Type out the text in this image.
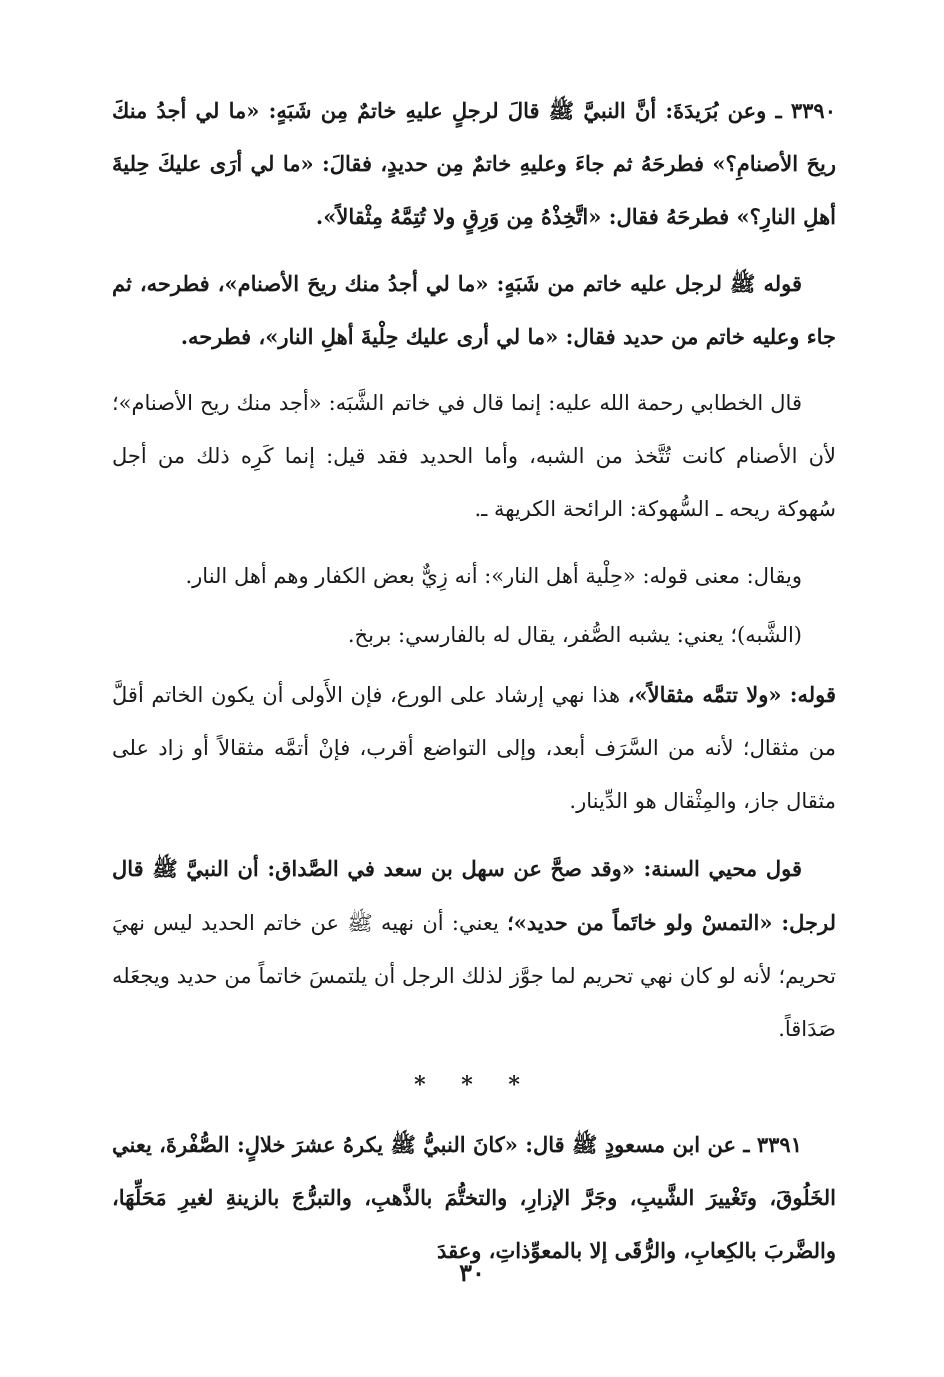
٣٣٩٠ ـ وعن بُرَيدَةَ: أنَّ النبيَّ ﷺ قالَ لرجلٍ عليهِ خاتمٌ مِن شَبَهٍ: «ما لي أجدُ منكَ ريحَ الأصنامِ؟» فطرحَهُ ثم جاءَ وعليهِ خاتمٌ مِن حديدٍ، فقالَ: «ما لي أرَى عليكَ حِليةَ أهلِ النارِ؟» فطرحَهُ فقال: «اتَّخِذْهُ مِن وَرِقٍ ولا تُتِمَّهُ مِثْقالاً».

قوله ﷺ لرجل عليه خاتم من شَبَهٍ: «ما لي أجدُ منك ريحَ الأصنام»، فطرحه، ثم جاء وعليه خاتم من حديد فقال: «ما لي أرى عليك حِلْيةَ أهلِ النار»، فطرحه.

قال الخطابي رحمة الله عليه: إنما قال في خاتم الشَّبَه: «أجد منك ريح الأصنام»؛ لأن الأصنام كانت تُتَّخذ من الشبه، وأما الحديد فقد قيل: إنما كَرِه ذلك من أجل سُهوكة ريحه ـ السُّهوكة: الرائحة الكريهة ـ.

ويقال: معنى قوله: «حِلْية أهل النار»: أنه زِيٌّ بعض الكفار وهم أهل النار.

(الشَّبه)؛ يعني: يشبه الصُّفر، يقال له بالفارسي: بربخ.

قوله: «ولا تتمَّه مثقالاً»، هذا نهي إرشاد على الورع، فإن الأَولى أن يكون الخاتم أقلَّ من مثقال؛ لأنه من السَّرَف أبعد، وإلى التواضع أقرب، فإنْ أتمَّه مثقالاً أو زاد على مثقال جاز، والمِثْقال هو الدِّينار.

قول محيي السنة: «وقد صحَّ عن سهل بن سعد في الصَّداق: أن النبيَّ ﷺ قال لرجل: «التمسْ ولو خاتَماً من حديد»؛ يعني: أن نهيه ﷺ عن خاتم الحديد ليس نهيَ تحريم؛ لأنه لو كان نهي تحريم لما جوَّز لذلك الرجل أن يلتمسَ خاتماً من حديد ويجعَله صَدَاقاً.

* * *

٣٣٩١ ـ عن ابن مسعودٍ ﷺ قال: «كانَ النبيُّ ﷺ يكرهُ عشرَ خلالٍ: الصُّفْرةَ، يعني الخَلُوقَ، وتَغْييرَ الشَّيبِ، وجَرَّ الإزارِ، والتختُّمَ بالذَّهبِ، والتبرُّجَ بالزينةِ لغيرِ مَحَلِّهَا، والضَّربَ بالكِعابِ، والرُّقَى إلا بالمعوِّذاتِ، وعقدَ

٣٠
